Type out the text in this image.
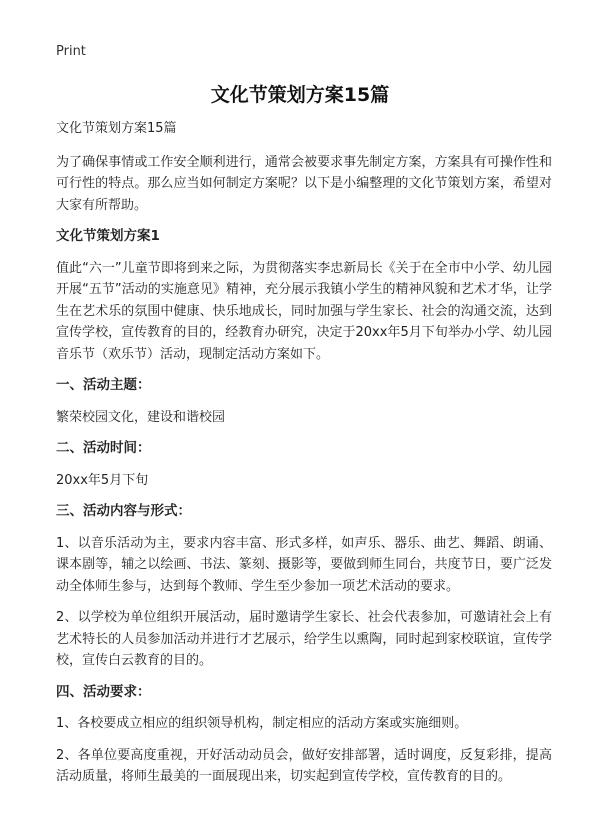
Print
文化节策划方案15篇

文化节策划方案15篇

为了确保事情或工作安全顺利进行，通常会被要求事先制定方案，方案具有可操作性和可行性的特点。那么应当如何制定方案呢？以下是小编整理的文化节策划方案，希望对大家有所帮助。

文化节策划方案1

值此“六一”儿童节即将到来之际，为贯彻落实李忠新局长《关于在全市中小学、幼儿园开展“五节”活动的实施意见》精神，充分展示我镇小学生的精神风貌和艺术才华，让学生在艺术乐的氛围中健康、快乐地成长，同时加强与学生家长、社会的沟通交流，达到宣传学校，宣传教育的目的，经教育办研究，决定于20xx年5月下旬举办小学、幼儿园音乐节（欢乐节）活动，现制定活动方案如下。

一、活动主题：

繁荣校园文化，建设和谐校园

二、活动时间：

20xx年5月下旬

三、活动内容与形式：

1、以音乐活动为主，要求内容丰富、形式多样，如声乐、器乐、曲艺、舞蹈、朗诵、课本剧等，辅之以绘画、书法、篆刻、摄影等，要做到师生同台，共度节日，要广泛发动全体师生参与，达到每个教师、学生至少参加一项艺术活动的要求。

2、以学校为单位组织开展活动，届时邀请学生家长、社会代表参加，可邀请社会上有艺术特长的人员参加活动并进行才艺展示，给学生以熏陶，同时起到家校联谊，宣传学校，宣传白云教育的目的。

四、活动要求：

1、各校要成立相应的组织领导机构，制定相应的活动方案或实施细则。

2、各单位要高度重视，开好活动动员会，做好安排部署，适时调度，反复彩排，提高活动质量，将师生最美的一面展现出来，切实起到宣传学校，宣传教育的目的。
